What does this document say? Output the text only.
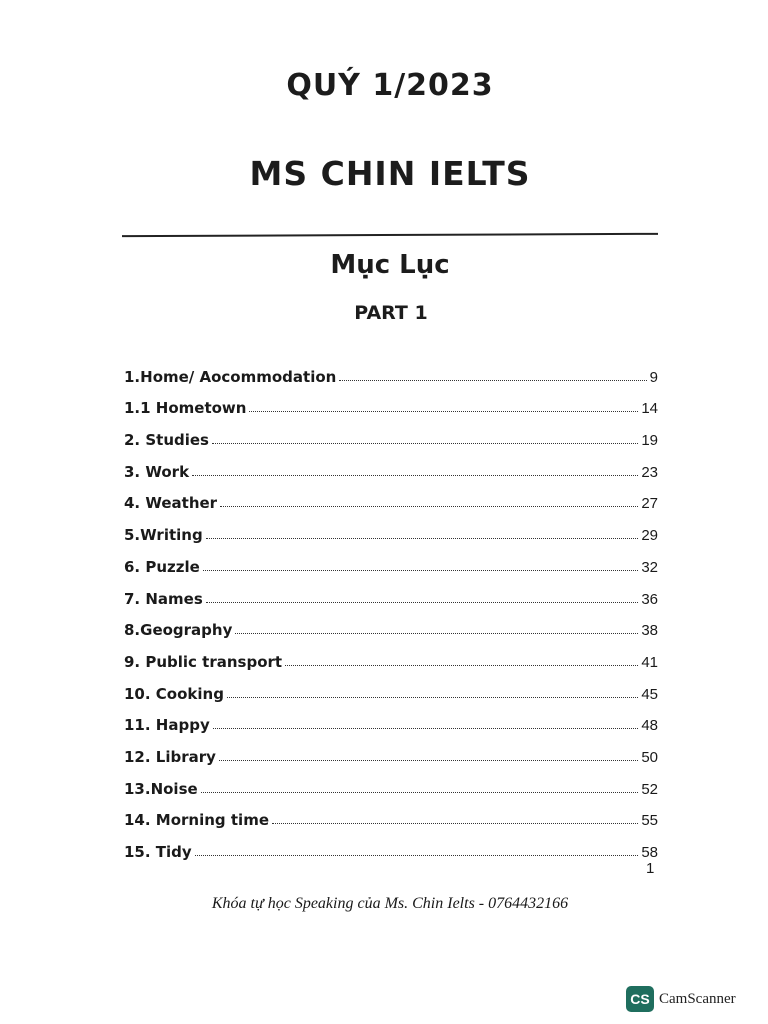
QUÝ 1/2023
MS CHIN IELTS
Mục Lục
PART 1
1.Home/ Aocommodation	9
1.1 Hometown	14
2. Studies	19
3. Work	23
4. Weather	27
5.Writing	29
6. Puzzle	32
7. Names	36
8.Geography	38
9. Public transport	41
10. Cooking	45
11. Happy	48
12. Library	50
13.Noise	52
14. Morning time	55
15. Tidy	58
1
Khóa tự học Speaking của Ms. Chin Ielts - 0764432166
CS CamScanner
